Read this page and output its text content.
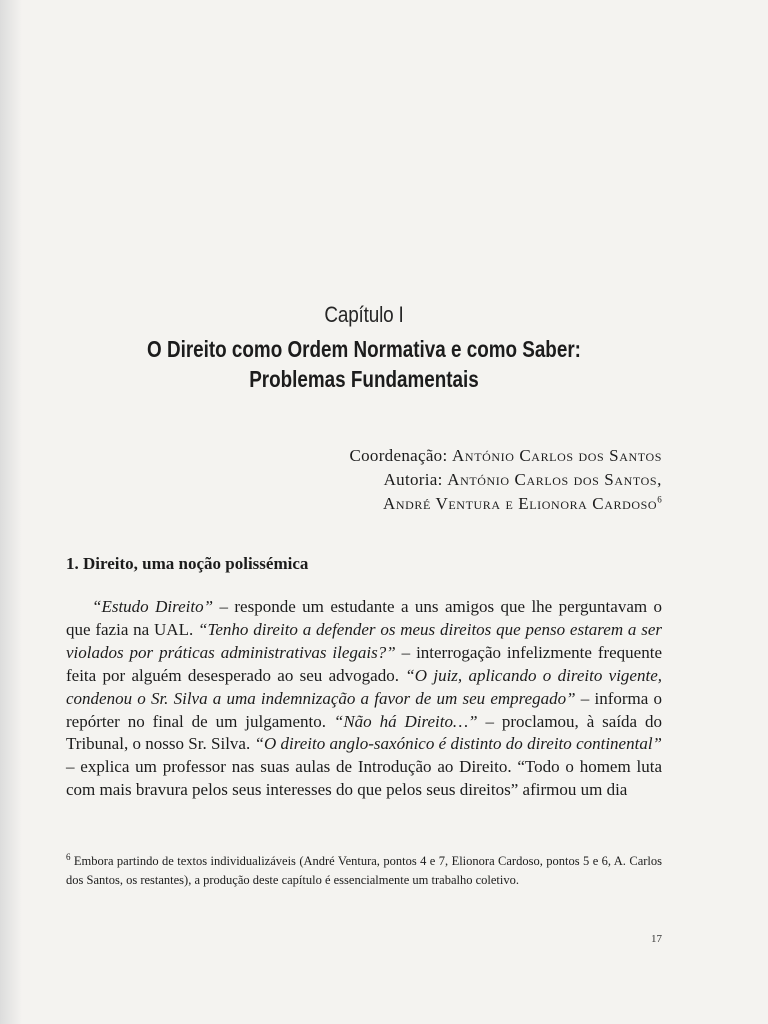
Capítulo I
O Direito como Ordem Normativa e como Saber:
Problemas Fundamentais
Coordenação: António Carlos dos Santos
Autoria: António Carlos dos Santos,
André Ventura e Elionora Cardoso$^6$
1. Direito, uma noção polissémica

“Estudo Direito” – responde um estudante a uns amigos que lhe perguntavam o que fazia na UAL. “Tenho direito a defender os meus direitos que penso estarem a ser violados por práticas administrativas ilegais?” – interrogação infelizmente frequente feita por alguém desesperado ao seu advogado. “O juiz, aplicando o direito vigente, condenou o Sr. Silva a uma indemnização a favor de um seu empregado” – informa o repórter no final de um julgamento. “Não há Direito…” – proclamou, à saída do Tribunal, o nosso Sr. Silva. “O direito anglo-saxónico é distinto do direito continental” – explica um professor nas suas aulas de Introdução ao Direito. “Todo o homem luta com mais bravura pelos seus interesses do que pelos seus direitos” afirmou um dia

$^6$ Embora partindo de textos individualizáveis (André Ventura, pontos 4 e 7, Elionora Cardoso, pontos 5 e 6, A. Carlos dos Santos, os restantes), a produção deste capítulo é essencialmente um trabalho coletivo.
17
